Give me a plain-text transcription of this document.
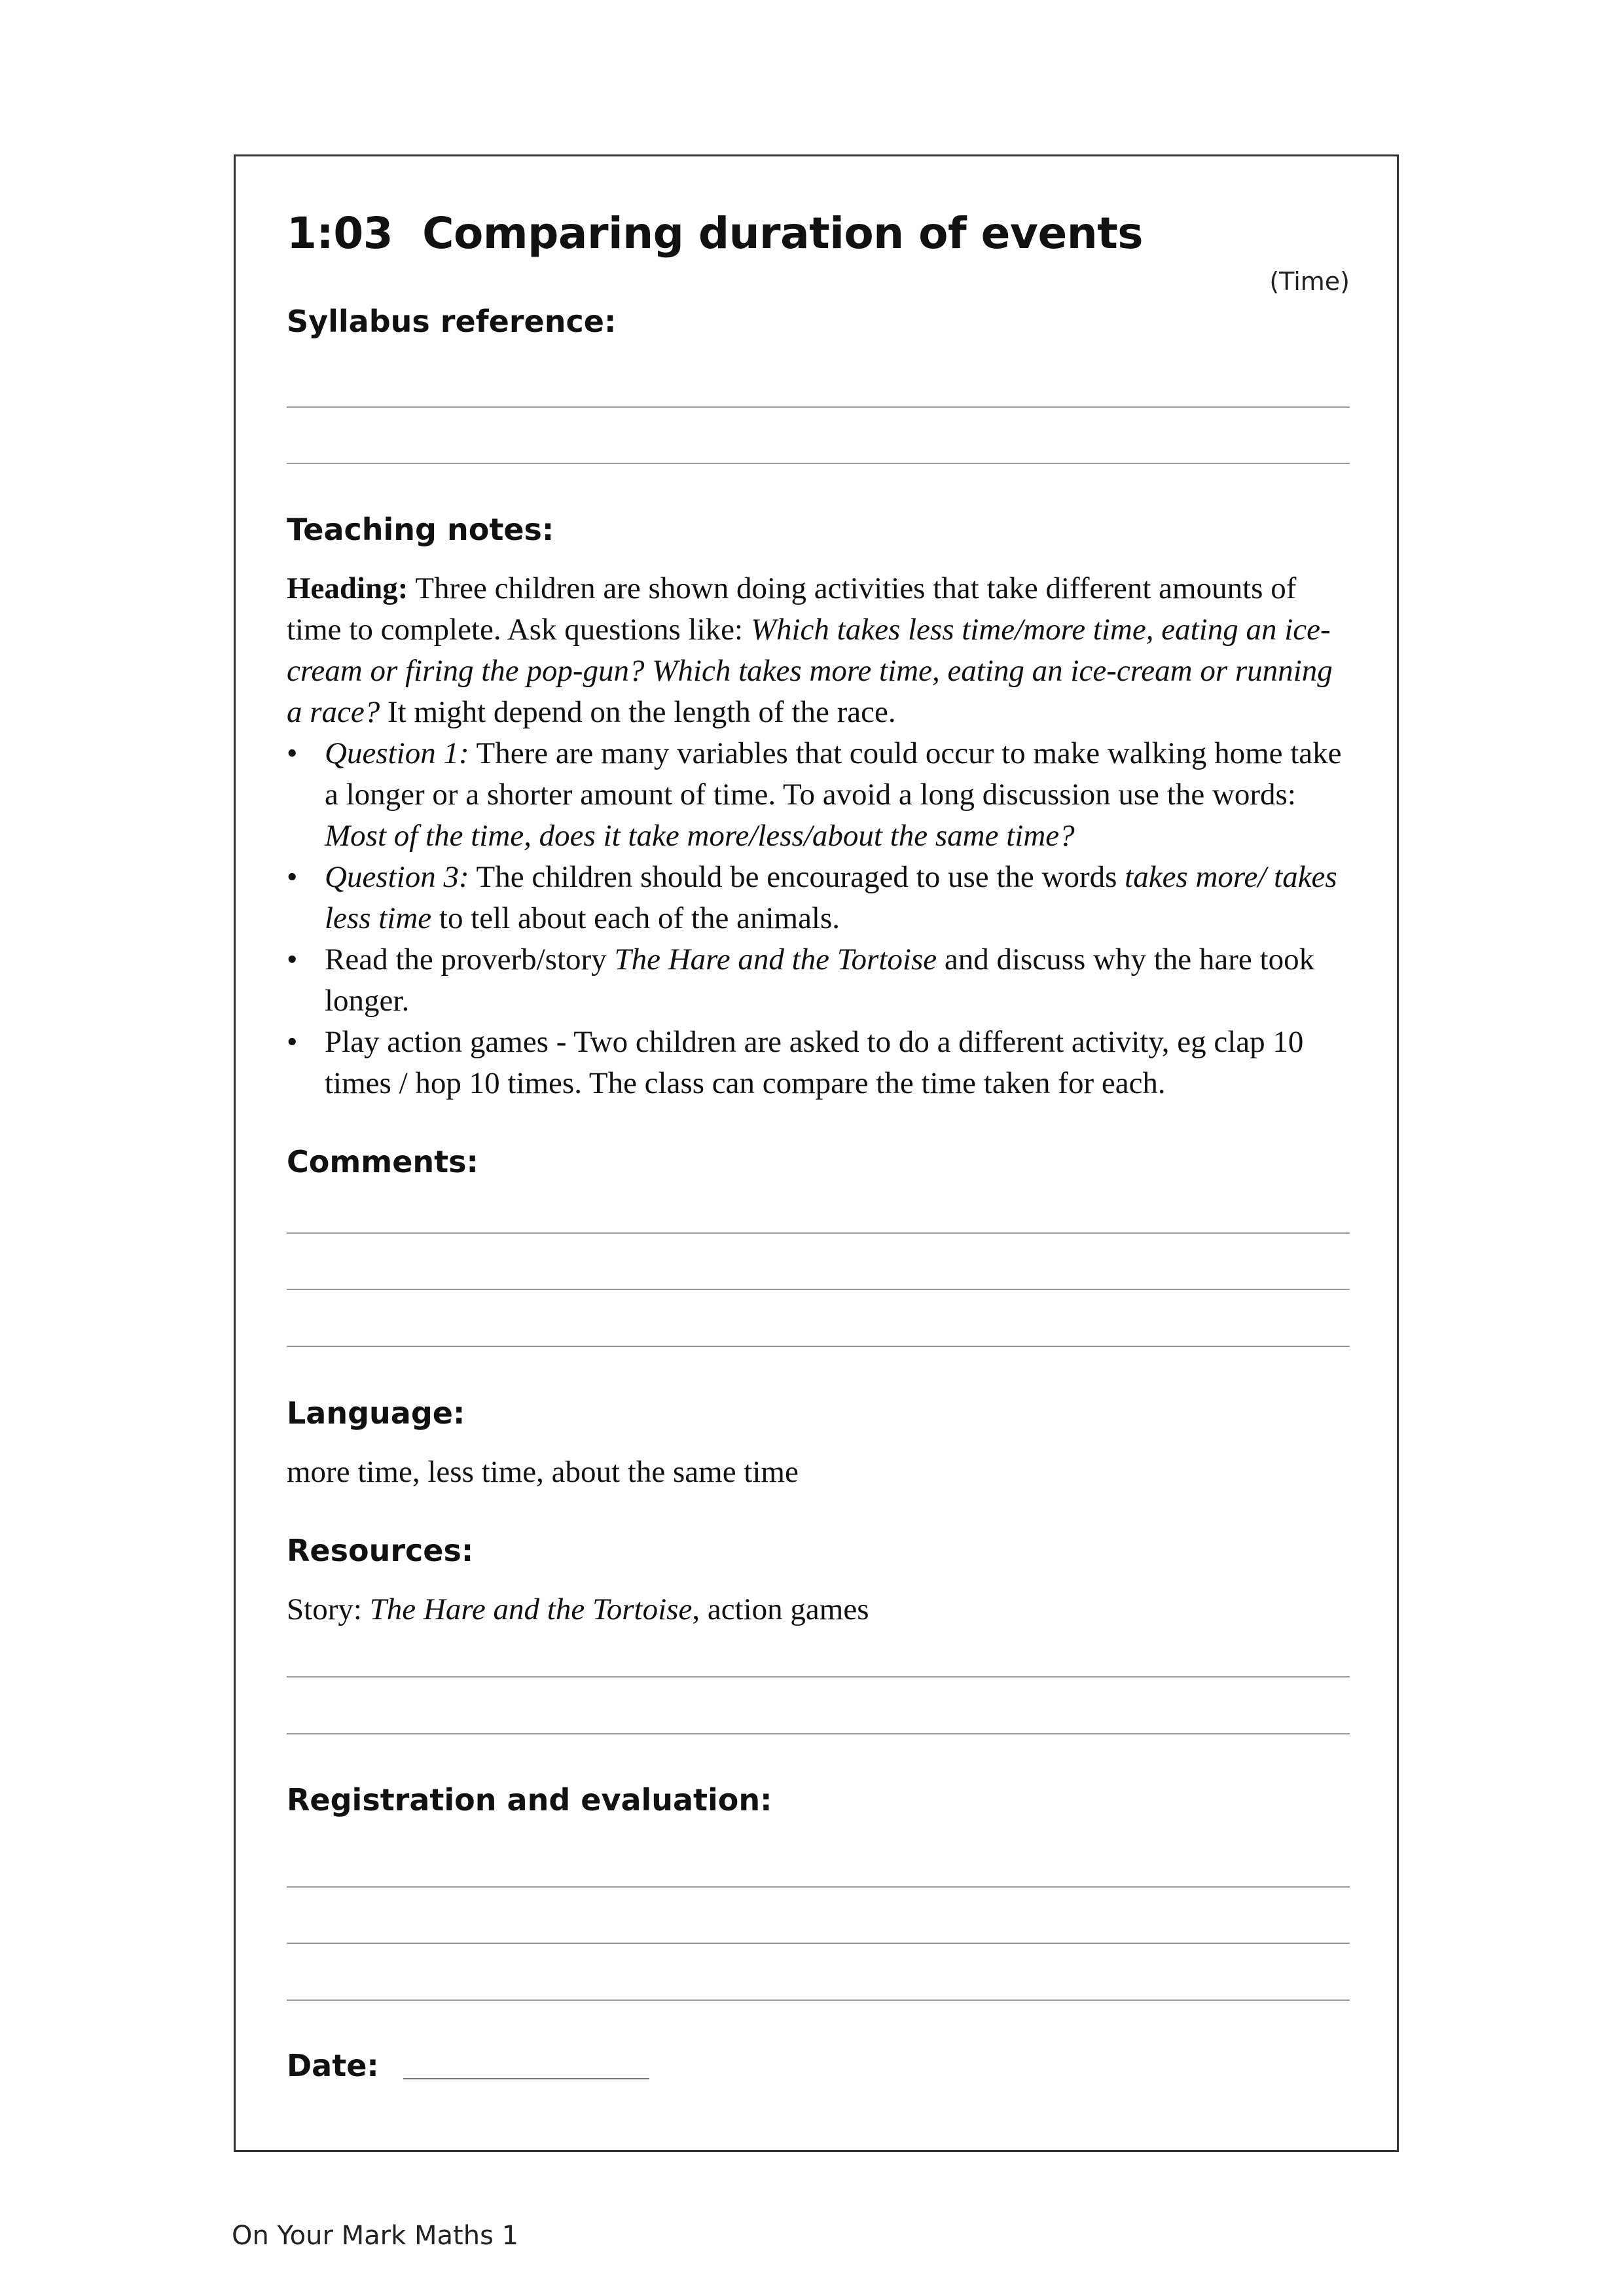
1:03  Comparing duration of events
(Time)
Syllabus reference:
Teaching notes:

Heading: Three children are shown doing activities that take different amounts of time to complete. Ask questions like: Which takes less time/more time, eating an ice-cream or firing the pop-gun? Which takes more time, eating an ice-cream or running a race? It might depend on the length of the race.

• Question 1: There are many variables that could occur to make walking home take a longer or a shorter amount of time. To avoid a long discussion use the words: Most of the time, does it take more/less/about the same time?
• Question 3: The children should be encouraged to use the words takes more/ takes less time to tell about each of the animals.
• Read the proverb/story The Hare and the Tortoise and discuss why the hare took longer.
• Play action games - Two children are asked to do a different activity, eg clap 10 times / hop 10 times. The class can compare the time taken for each.
Comments:
Language:
more time, less time, about the same time
Resources:
Story: The Hare and the Tortoise, action games
Registration and evaluation:
Date:
On Your Mark Maths 1
